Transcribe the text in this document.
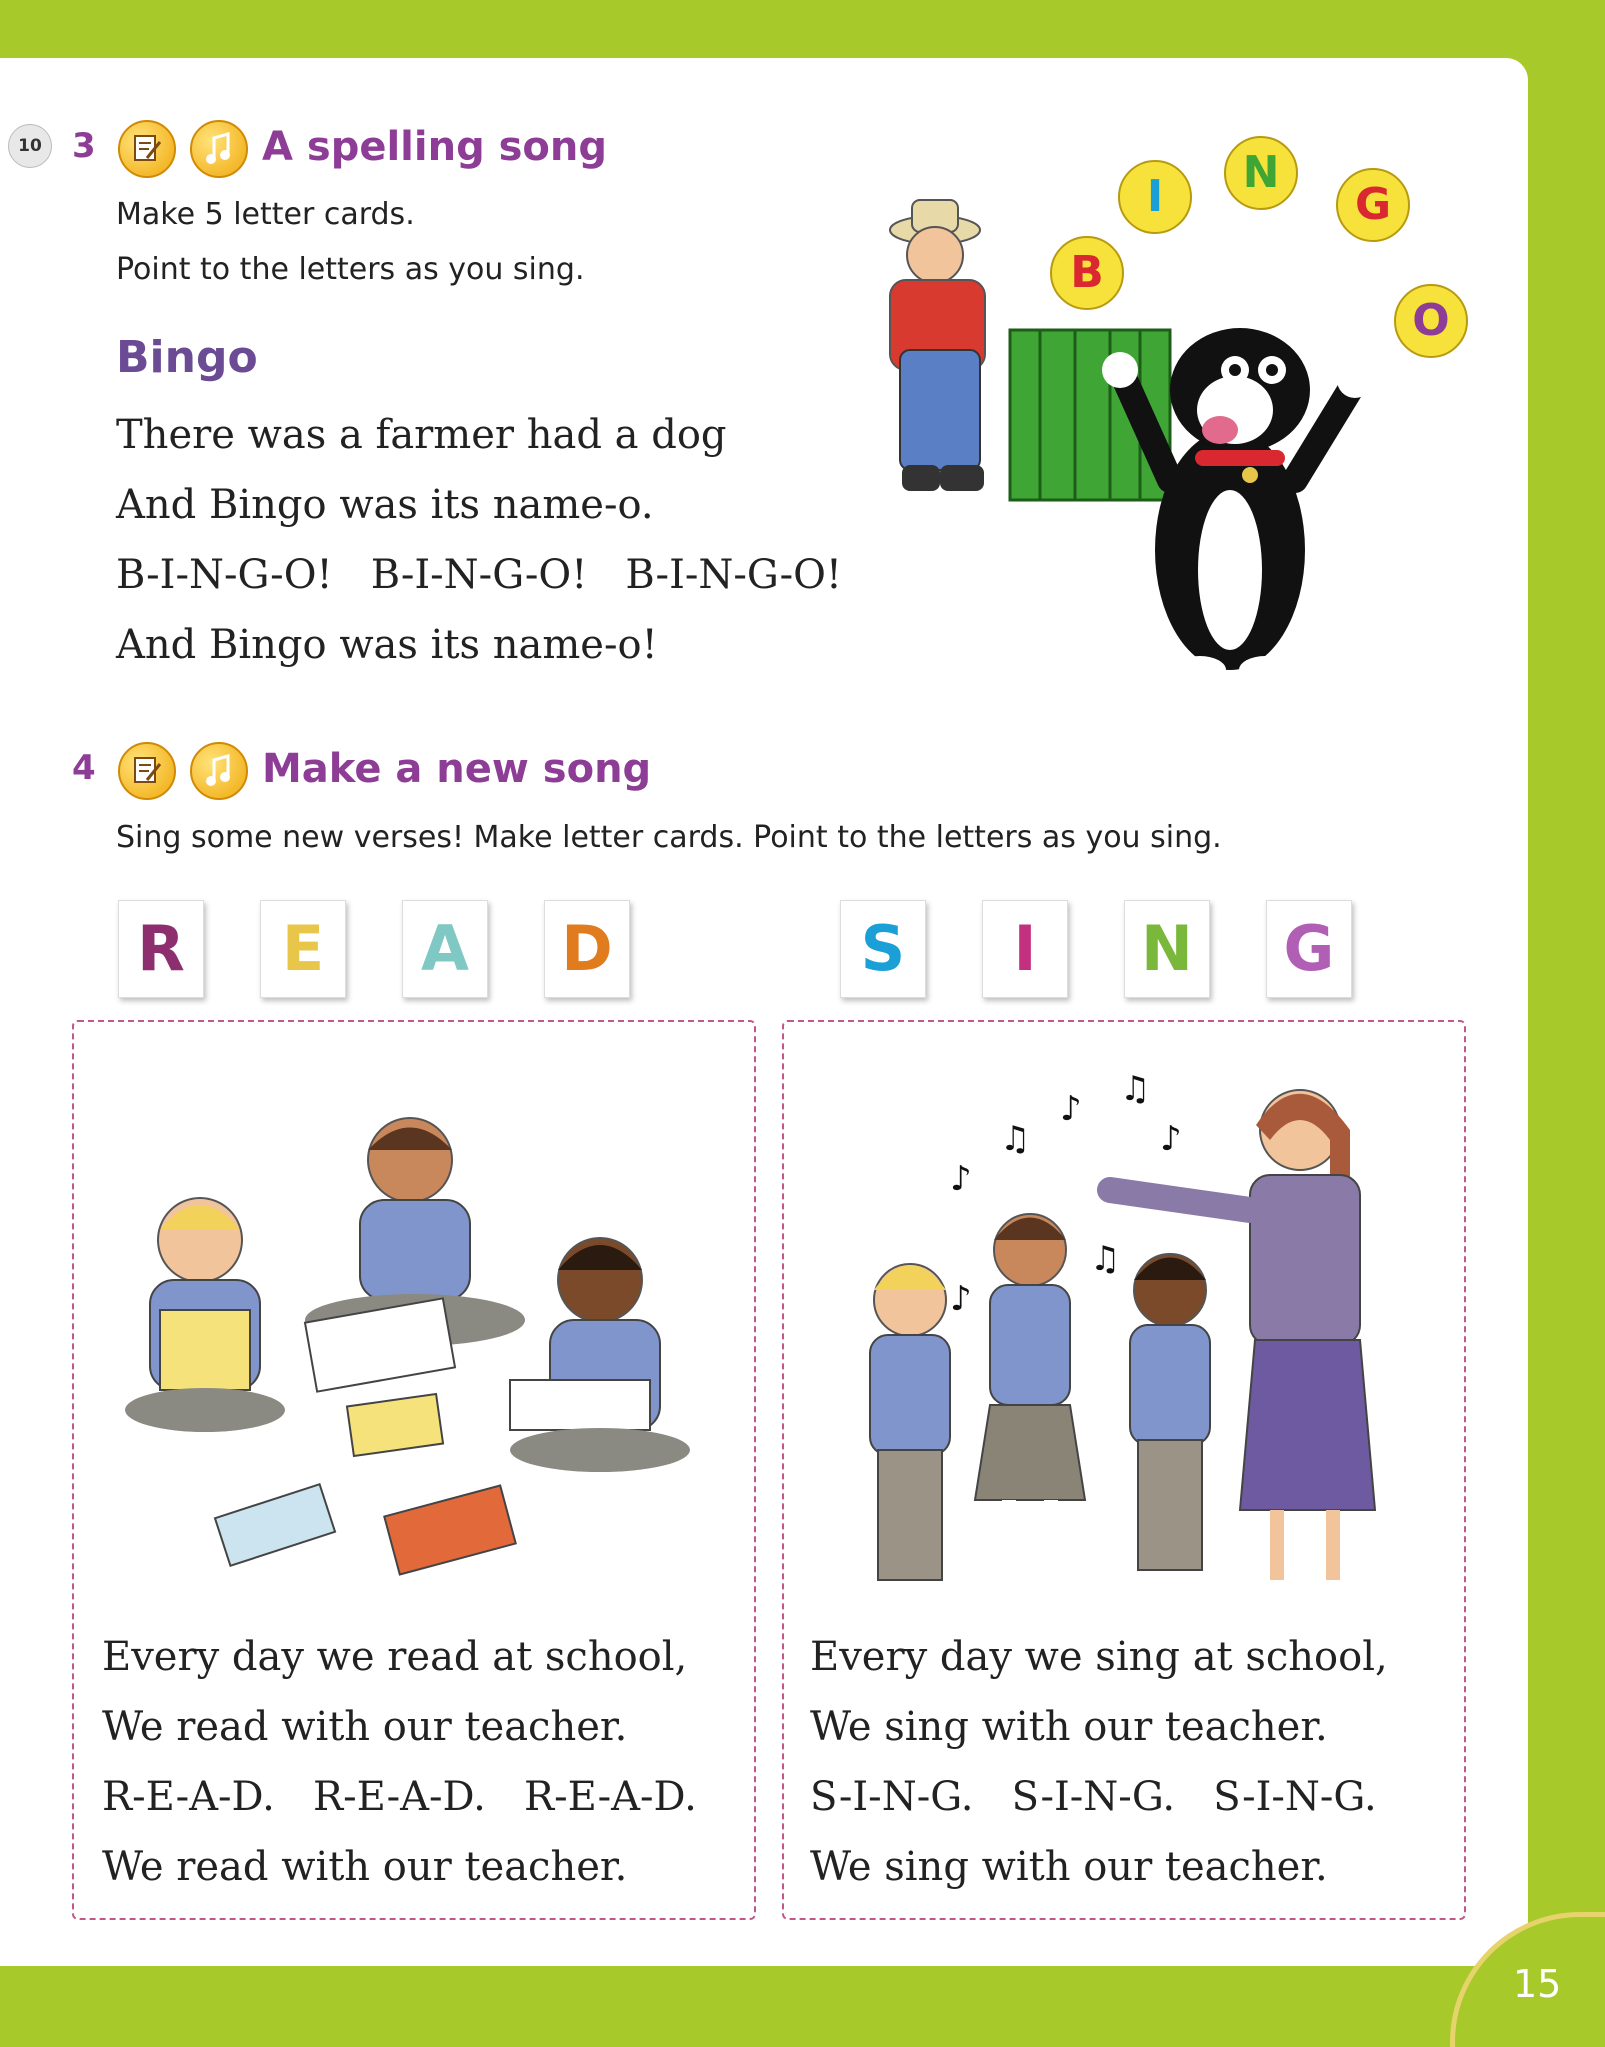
10 3	A spelling song
Make 5 letter cards.
Point to the letters as you sing.
Bingo
There was a farmer had a dog
And Bingo was its name-o.
B-I-N-G-O!   B-I-N-G-O!   B-I-N-G-O!
And Bingo was its name-o!
B
I	N
G
O
4	Make a new song
Sing some new verses! Make letter cards. Point to the letters as you sing.
R	E	A	D	S	I	N G
Every day we read at school,
We read with our teacher.
R-E-A-D.   R-E-A-D.   R-E-A-D.
We read with our teacher.
♪
♫
♪ ♫
♪
♪
♫
Every day we sing at school,
We sing with our teacher.
S-I-N-G.   S-I-N-G.   S-I-N-G.
We sing with our teacher.
15
